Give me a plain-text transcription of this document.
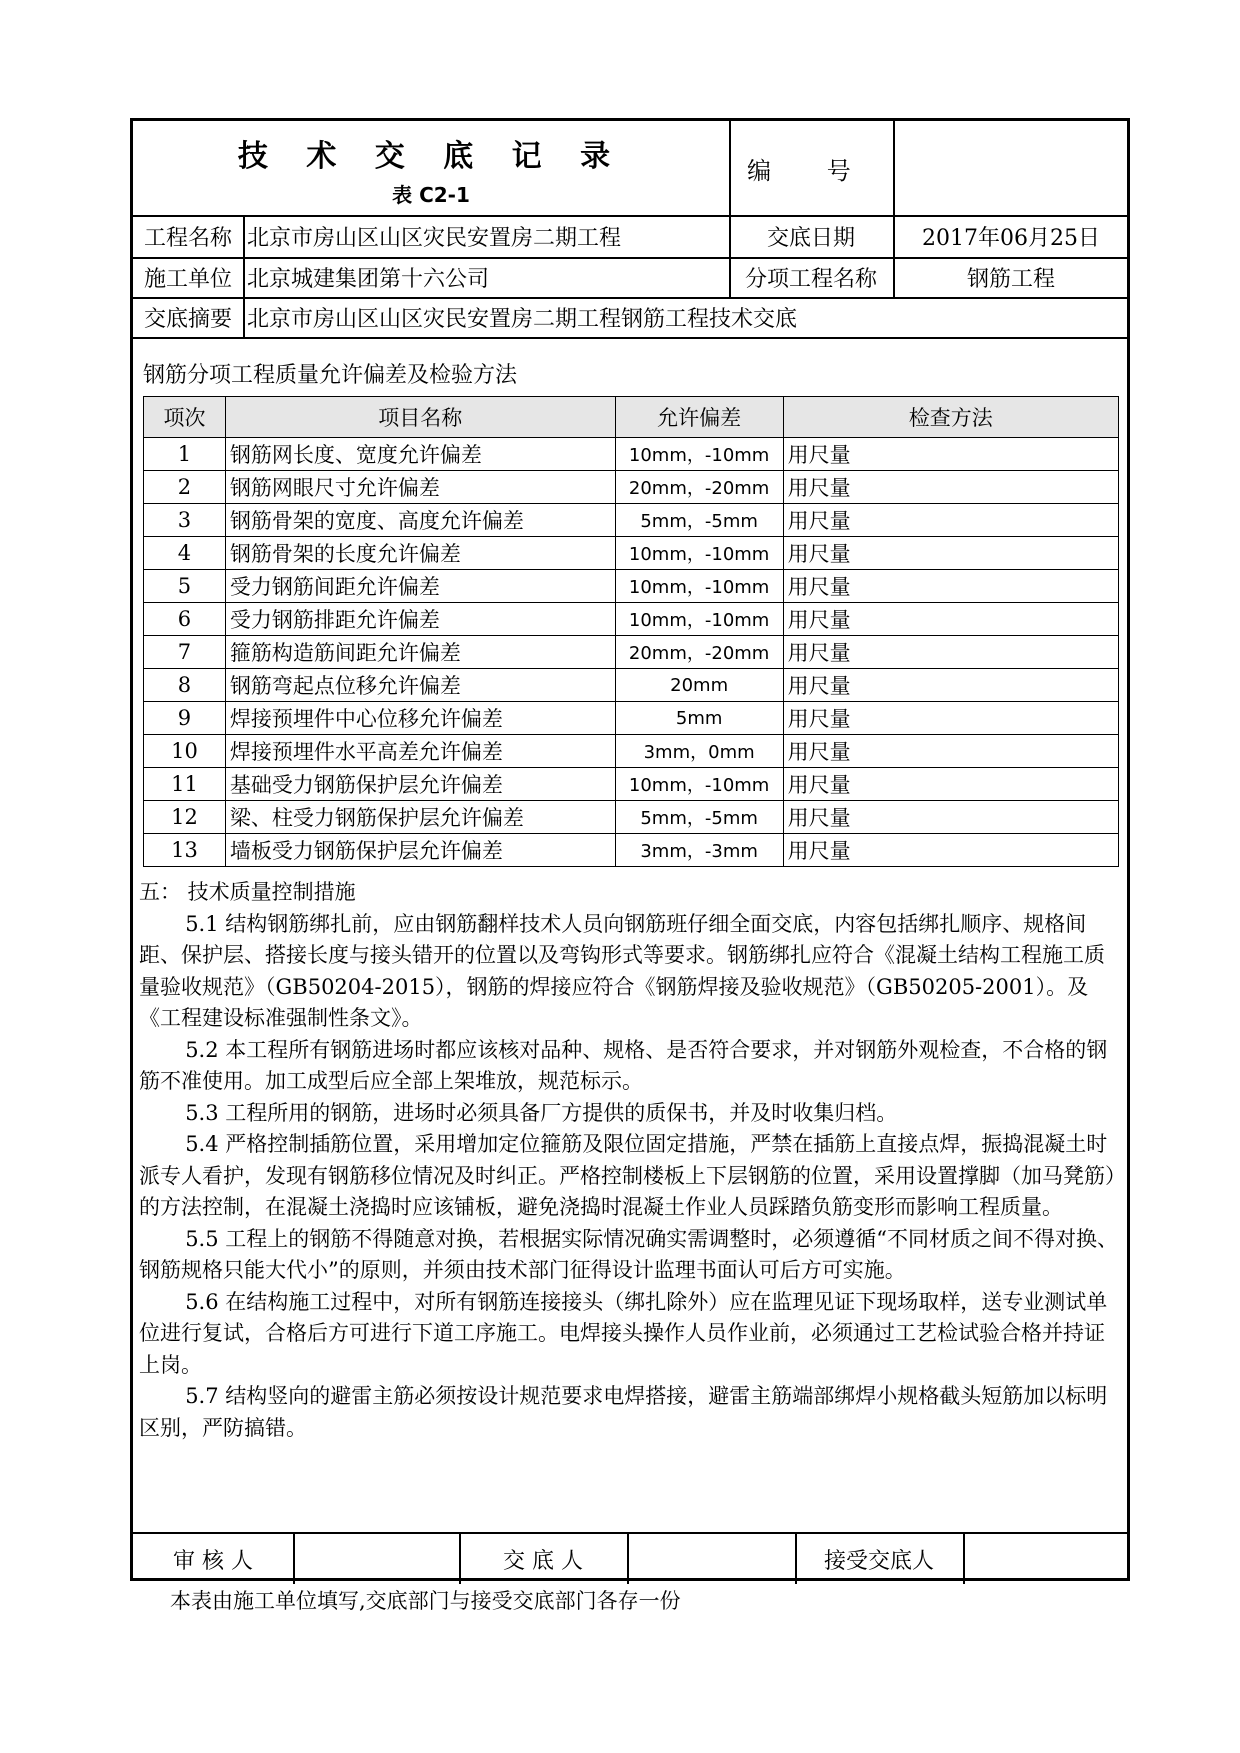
技 术 交 底 记 录
表 C2-1
编 号
工程名称 北京市房山区山区灾民安置房二期工程	交底日期	2017年06月25日
施工单位 北京城建集团第十六公司	分项工程名称	钢筋工程
交底摘要 北京市房山区山区灾民安置房二期工程钢筋工程技术交底
钢筋分项工程质量允许偏差及检验方法
项次	项目名称	允许偏差	检查方法
1	钢筋网长度、宽度允许偏差	10mm，-10mm	用尺量
2	钢筋网眼尺寸允许偏差	20mm，-20mm	用尺量
3	钢筋骨架的宽度、高度允许偏差	5mm，-5mm	用尺量
4	钢筋骨架的长度允许偏差	10mm，-10mm	用尺量
5	受力钢筋间距允许偏差	10mm，-10mm	用尺量
6	受力钢筋排距允许偏差	10mm，-10mm	用尺量
7	箍筋构造筋间距允许偏差	20mm，-20mm	用尺量
8	钢筋弯起点位移允许偏差	20mm	用尺量
9	焊接预埋件中心位移允许偏差	5mm	用尺量
10	焊接预埋件水平高差允许偏差	3mm，0mm	用尺量
11	基础受力钢筋保护层允许偏差	10mm，-10mm	用尺量
12	梁、柱受力钢筋保护层允许偏差	5mm，-5mm	用尺量
13	墙板受力钢筋保护层允许偏差	3mm，-3mm	用尺量

五： 技术质量控制措施

5.1 结构钢筋绑扎前，应由钢筋翻样技术人员向钢筋班仔细全面交底，内容包括绑扎顺序、规格间距、保护层、搭接长度与接头错开的位置以及弯钩形式等要求。钢筋绑扎应符合《混凝土结构工程施工质量验收规范》（GB50204-2015），钢筋的焊接应符合《钢筋焊接及验收规范》（GB50205-2001）。及《工程建设标准强制性条文》。

5.2 本工程所有钢筋进场时都应该核对品种、规格、是否符合要求，并对钢筋外观检查，不合格的钢筋不准使用。加工成型后应全部上架堆放，规范标示。

5.3 工程所用的钢筋，进场时必须具备厂方提供的质保书，并及时收集归档。

5.4 严格控制插筋位置，采用增加定位箍筋及限位固定措施，严禁在插筋上直接点焊，振捣混凝土时派专人看护，发现有钢筋移位情况及时纠正。严格控制楼板上下层钢筋的位置，采用设置撑脚（加马凳筋）的方法控制，在混凝土浇捣时应该铺板，避免浇捣时混凝土作业人员踩踏负筋变形而影响工程质量。

5.5 工程上的钢筋不得随意对换，若根据实际情况确实需调整时，必须遵循“不同材质之间不得对换、钢筋规格只能大代小”的原则，并须由技术部门征得设计监理书面认可后方可实施。

5.6 在结构施工过程中，对所有钢筋连接接头（绑扎除外）应在监理见证下现场取样，送专业测试单位进行复试，合格后方可进行下道工序施工。电焊接头操作人员作业前，必须通过工艺检试验合格并持证上岗。

5.7 结构竖向的避雷主筋必须按设计规范要求电焊搭接，避雷主筋端部绑焊小规格截头短筋加以标明区别，严防搞错。

审 核 人	交 底 人	接受交底人
本表由施工单位填写,交底部门与接受交底部门各存一份
